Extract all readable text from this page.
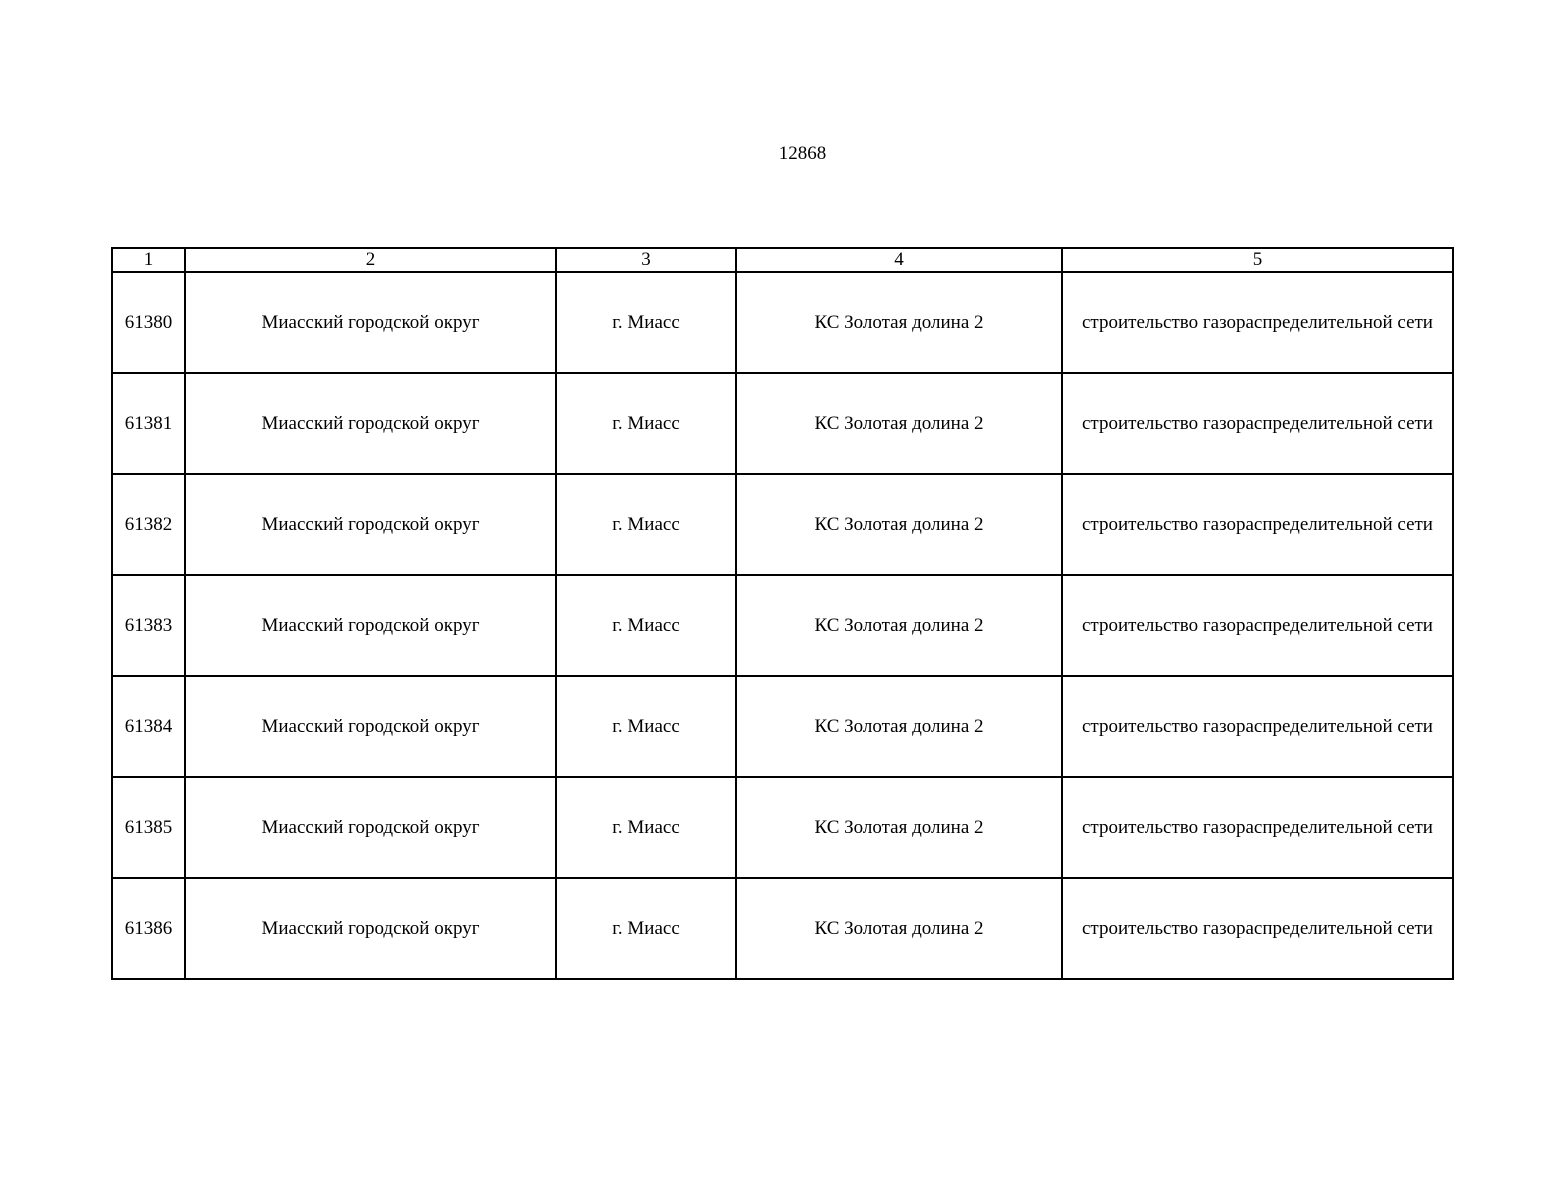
12868
1	2	3	4	5
61380	Миасский городской округ	г. Миасс	КС Золотая долина 2	строительство газораспределительной сети
61381	Миасский городской округ	г. Миасс	КС Золотая долина 2	строительство газораспределительной сети
61382	Миасский городской округ	г. Миасс	КС Золотая долина 2	строительство газораспределительной сети
61383	Миасский городской округ	г. Миасс	КС Золотая долина 2	строительство газораспределительной сети
61384	Миасский городской округ	г. Миасс	КС Золотая долина 2	строительство газораспределительной сети
61385	Миасский городской округ	г. Миасс	КС Золотая долина 2	строительство газораспределительной сети
61386	Миасский городской округ	г. Миасс	КС Золотая долина 2	строительство газораспределительной сети
